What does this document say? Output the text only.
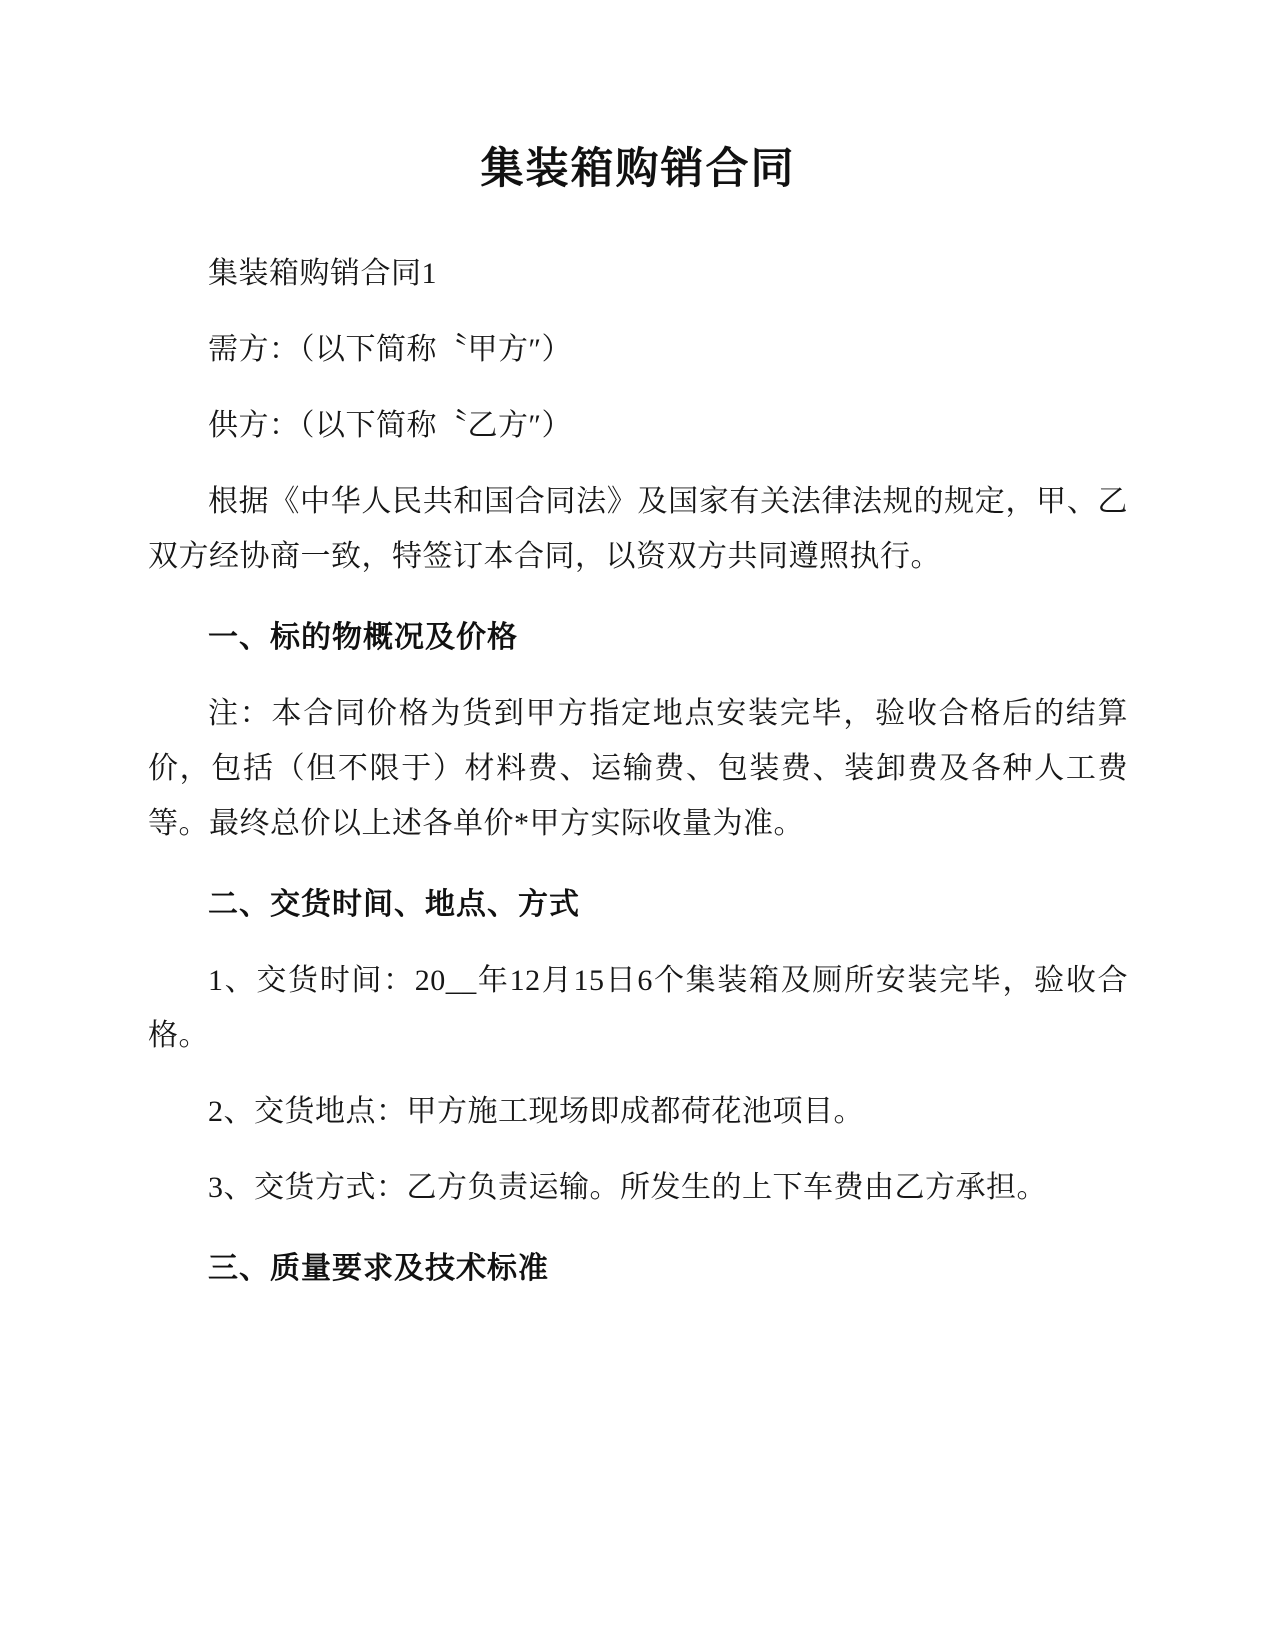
集装箱购销合同

集装箱购销合同1

需方：（以下简称〝甲方″）

供方：（以下简称〝乙方″）

根据《中华人民共和国合同法》及国家有关法律法规的规定，甲、乙双方经协商一致，特签订本合同，以资双方共同遵照执行。

一、标的物概况及价格

注：本合同价格为货到甲方指定地点安装完毕，验收合格后的结算价，包括（但不限于）材料费、运输费、包装费、装卸费及各种人工费等。最终总价以上述各单价*甲方实际收量为准。

二、交货时间、地点、方式

1、交货时间：20__年12月15日6个集装箱及厕所安装完毕，验收合格。

2、交货地点：甲方施工现场即成都荷花池项目。

3、交货方式：乙方负责运输。所发生的上下车费由乙方承担。

三、质量要求及技术标准
